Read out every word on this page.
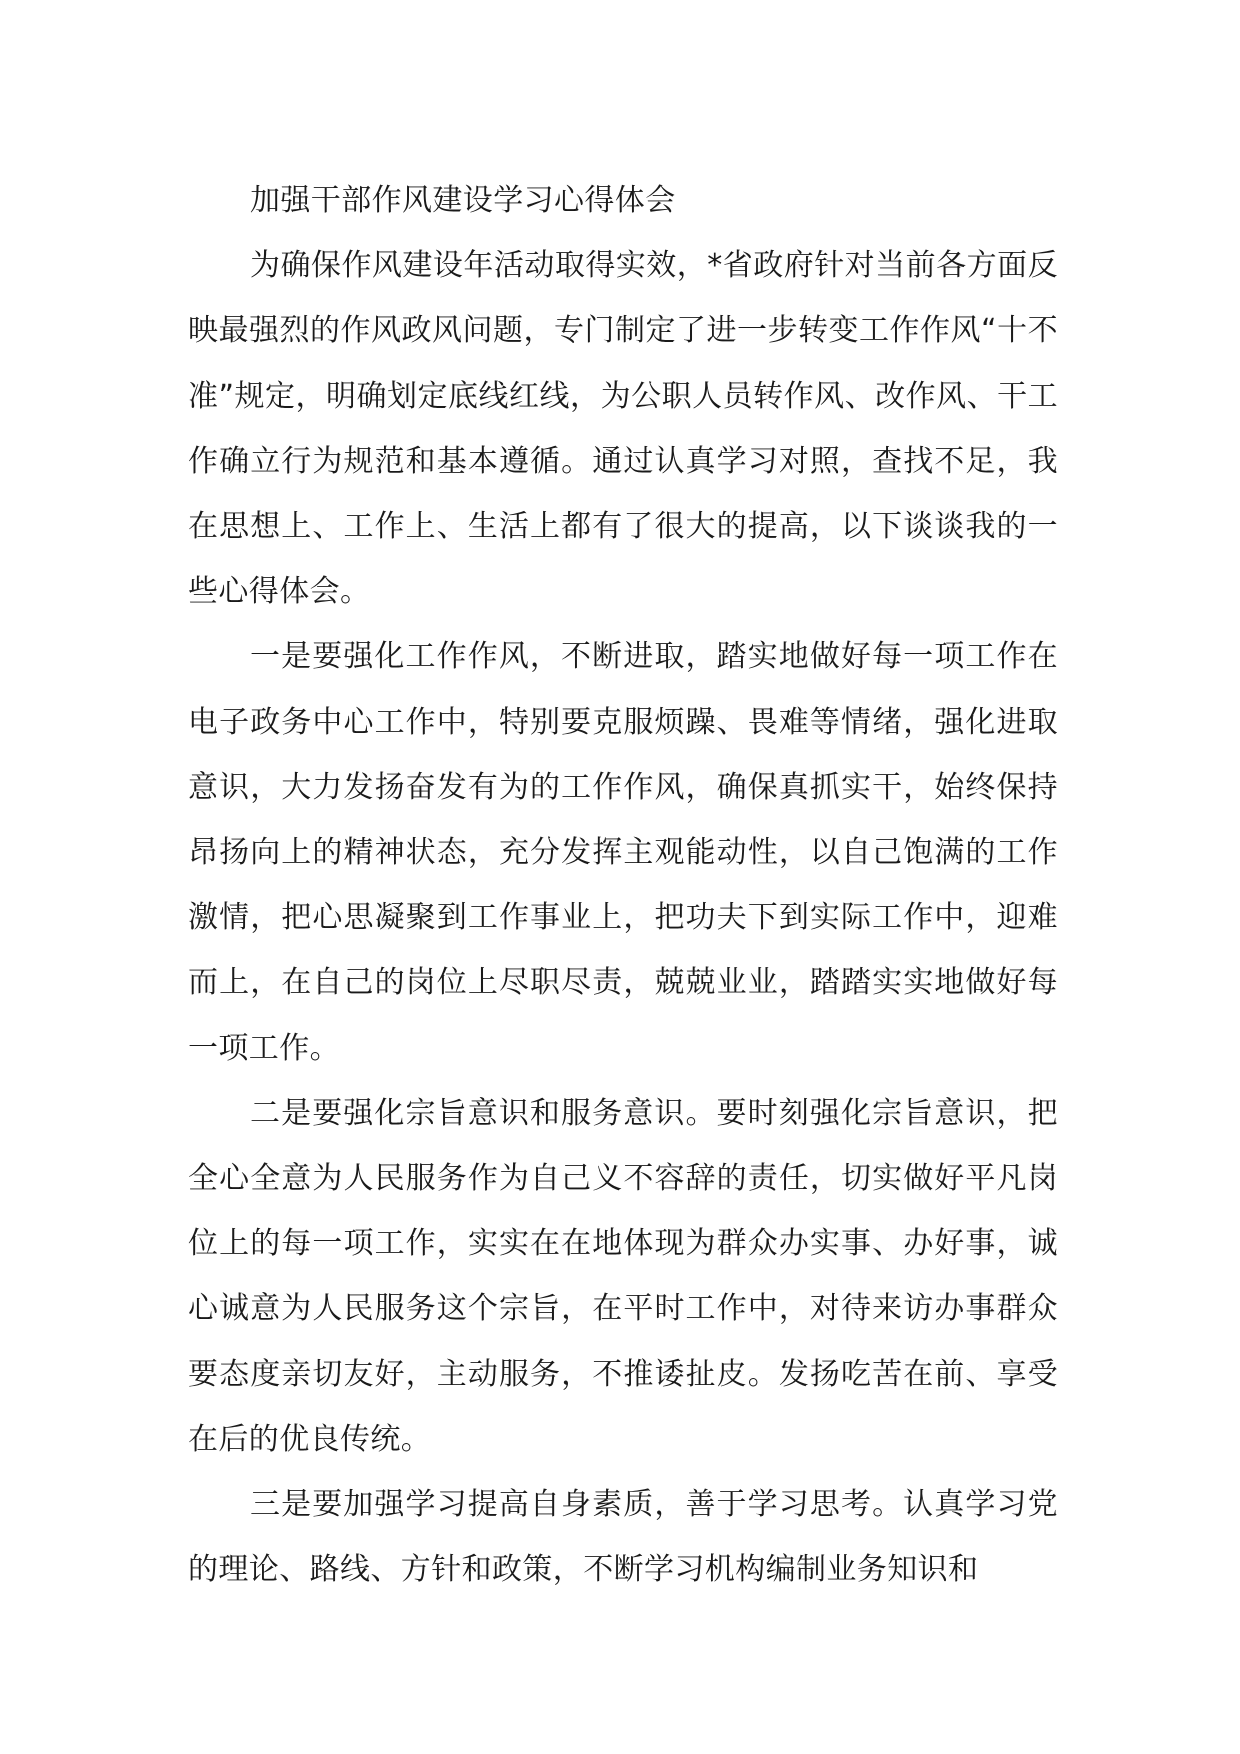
加强干部作风建设学习心得体会

为确保作风建设年活动取得实效，*省政府针对当前各方面反映最强烈的作风政风问题，专门制定了进一步转变工作作风“十不准”规定，明确划定底线红线，为公职人员转作风、改作风、干工作确立行为规范和基本遵循。通过认真学习对照，查找不足，我在思想上、工作上、生活上都有了很大的提高，以下谈谈我的一些心得体会。

一是要强化工作作风，不断进取，踏实地做好每一项工作在电子政务中心工作中，特别要克服烦躁、畏难等情绪，强化进取意识，大力发扬奋发有为的工作作风，确保真抓实干，始终保持昂扬向上的精神状态，充分发挥主观能动性，以自己饱满的工作激情，把心思凝聚到工作事业上，把功夫下到实际工作中，迎难而上，在自己的岗位上尽职尽责，兢兢业业，踏踏实实地做好每一项工作。

二是要强化宗旨意识和服务意识。要时刻强化宗旨意识，把全心全意为人民服务作为自己义不容辞的责任，切实做好平凡岗位上的每一项工作，实实在在地体现为群众办实事、办好事，诚心诚意为人民服务这个宗旨，在平时工作中，对待来访办事群众要态度亲切友好，主动服务，不推诿扯皮。发扬吃苦在前、享受在后的优良传统。

三是要加强学习提高自身素质，善于学习思考。认真学习党的理论、路线、方针和政策，不断学习机构编制业务知识和
